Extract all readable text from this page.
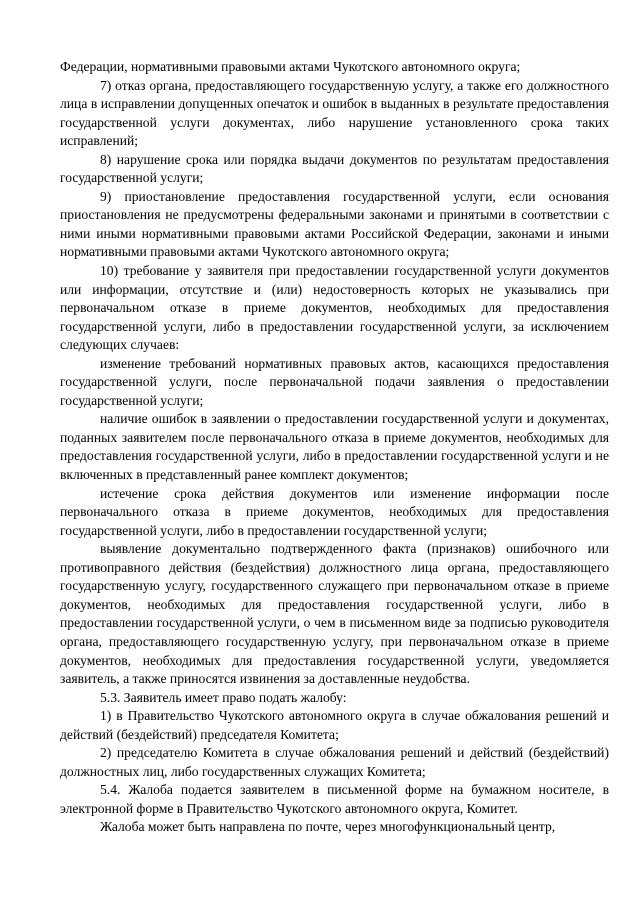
Федерации, нормативными правовыми актами Чукотского автономного округа;

7) отказ органа, предоставляющего государственную услугу, а также его должностного лица в исправлении допущенных опечаток и ошибок в выданных в результате предоставления государственной услуги документах, либо нарушение установленного срока таких исправлений;

8) нарушение срока или порядка выдачи документов по результатам предоставления государственной услуги;

9) приостановление предоставления государственной услуги, если основания приостановления не предусмотрены федеральными законами и принятыми в соответствии с ними иными нормативными правовыми актами Российской Федерации, законами и иными нормативными правовыми актами Чукотского автономного округа;

10) требование у заявителя при предоставлении государственной услуги документов или информации, отсутствие и (или) недостоверность которых не указывались при первоначальном отказе в приеме документов, необходимых для предоставления государственной услуги, либо в предоставлении государственной услуги, за исключением следующих случаев:

изменение требований нормативных правовых актов, касающихся предоставления государственной услуги, после первоначальной подачи заявления о предоставлении государственной услуги;

наличие ошибок в заявлении о предоставлении государственной услуги и документах, поданных заявителем после первоначального отказа в приеме документов, необходимых для предоставления государственной услуги, либо в предоставлении государственной услуги и не включенных в представленный ранее комплект документов;

истечение срока действия документов или изменение информации после первоначального отказа в приеме документов, необходимых для предоставления государственной услуги, либо в предоставлении государственной услуги;

выявление документально подтвержденного факта (признаков) ошибочного или противоправного действия (бездействия) должностного лица органа, предоставляющего государственную услугу, государственного служащего при первоначальном отказе в приеме документов, необходимых для предоставления государственной услуги, либо в предоставлении государственной услуги, о чем в письменном виде за подписью руководителя органа, предоставляющего государственную услугу, при первоначальном отказе в приеме документов, необходимых для предоставления государственной услуги, уведомляется заявитель, а также приносятся извинения за доставленные неудобства.

5.3. Заявитель имеет право подать жалобу:

1) в Правительство Чукотского автономного округа в случае обжалования решений и действий (бездействий) председателя Комитета;

2) председателю Комитета в случае обжалования решений и действий (бездействий) должностных лиц, либо государственных служащих Комитета;

5.4. Жалоба подается заявителем в письменной форме на бумажном носителе, в электронной форме в Правительство Чукотского автономного округа, Комитет.

Жалоба может быть направлена по почте, через многофункциональный центр,
